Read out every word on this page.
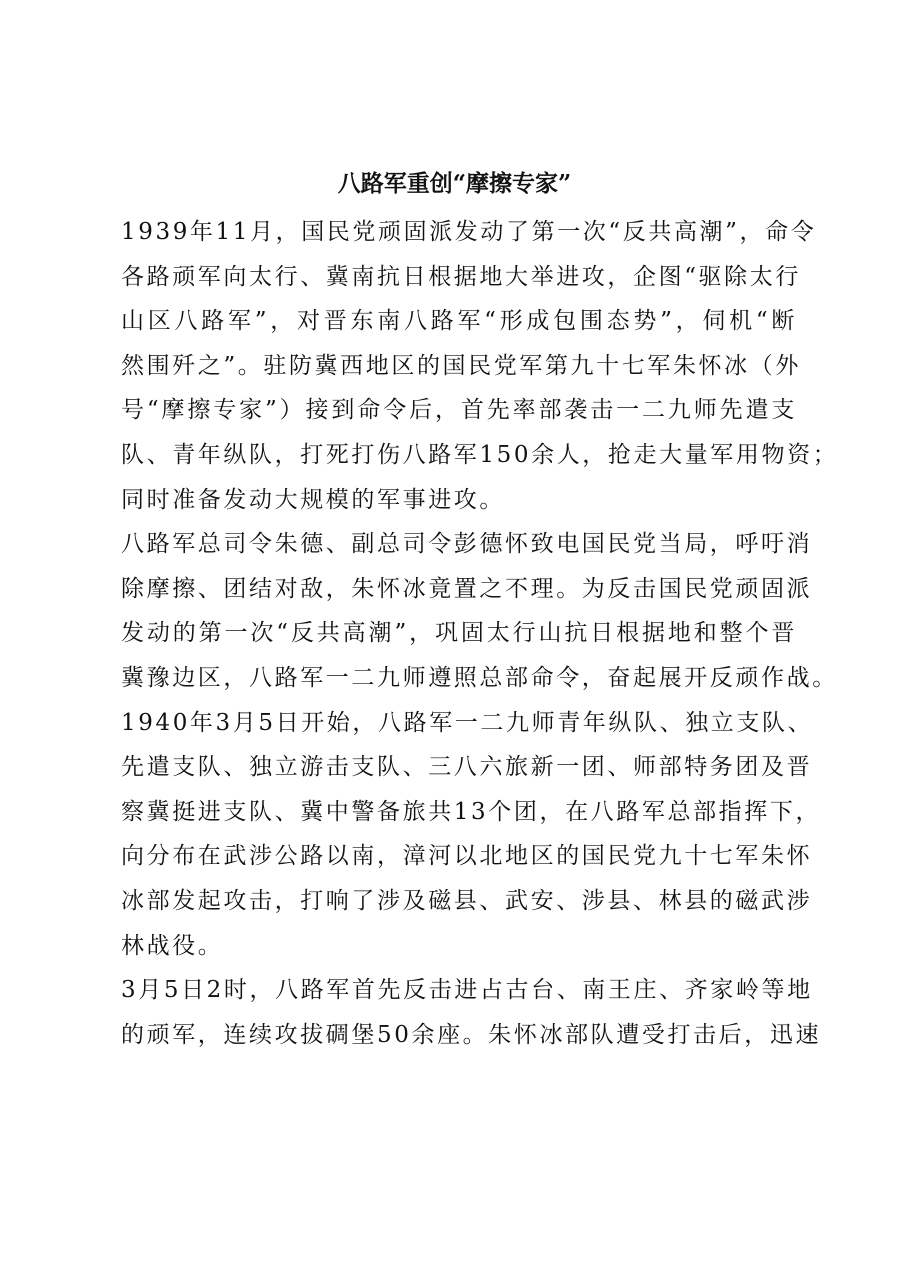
八路军重创“摩擦专家”
1939年11月，国民党顽固派发动了第一次“反共高潮”，命令
各路顽军向太行、冀南抗日根据地大举进攻，企图“驱除太行
山区八路军”，对晋东南八路军“形成包围态势”，伺机“断
然围歼之”。驻防冀西地区的国民党军第九十七军朱怀冰（外
号“摩擦专家”）接到命令后，首先率部袭击一二九师先遣支
队、青年纵队，打死打伤八路军150余人，抢走大量军用物资；
同时准备发动大规模的军事进攻。
八路军总司令朱德、副总司令彭德怀致电国民党当局，呼吁消
除摩擦、团结对敌，朱怀冰竟置之不理。为反击国民党顽固派
发动的第一次“反共高潮”，巩固太行山抗日根据地和整个晋
冀豫边区，八路军一二九师遵照总部命令，奋起展开反顽作战。
1940年3月5日开始，八路军一二九师青年纵队、独立支队、
先遣支队、独立游击支队、三八六旅新一团、师部特务团及晋
察冀挺进支队、冀中警备旅共13个团，在八路军总部指挥下，
向分布在武涉公路以南，漳河以北地区的国民党九十七军朱怀
冰部发起攻击，打响了涉及磁县、武安、涉县、林县的磁武涉
林战役。
3月5日2时，八路军首先反击进占古台、南王庄、齐家岭等地
的顽军，连续攻拔碉堡50余座。朱怀冰部队遭受打击后，迅速
